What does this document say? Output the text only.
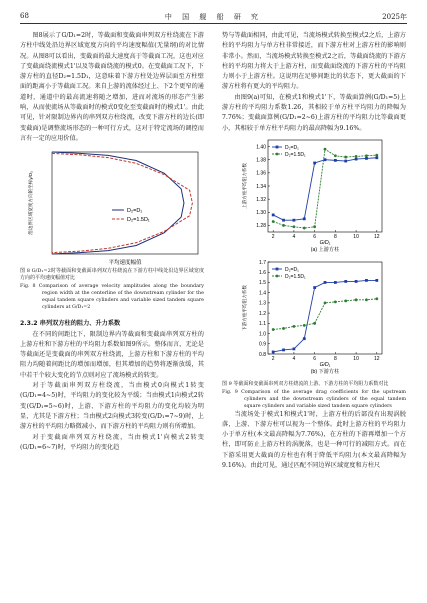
68	中 国 舰 船 研 究	2025年

图8展示了G/D₁=2时，等截面和变截面串列双方柱绕流在下游方柱中线处沿边界区域宽度方向的平均速度幅值(无量纲)的对比情况。从图8可以看出，变截面的最大速度高于等截面工况，这也对应了变截面绕流模式1'以及等截面绕流的模式0。在变截面工况下，下游方柱的直径D₂=1.5D₁，这意味着下游方柱处边界层面至方柱壁面的距离小于等截面工况。来自上游的流体经过上、下2个更窄的通道时，通道中的最高流速将随之增加，进而对流场的形态产生影响，从而使流场从等截面时的模式0变化至变截面时的模式1'。由此可见，针对限制边界内的串列双方柱绕流，改变下游方柱的边长(即变截面)是调整流场形态的一种可行方式，这对于特定流场的调控而言有一定的应用价值。

D₂=D₁
D₂=1.5D₁
平均速度幅值
沿边界区域宽度方向的坐标y/D₁

图 8 G/D₁=2时等截面和变截面串列双方柱绕流在下游方柱中线处沿边界区域宽度方向的平均速度幅值对比

Fig. 8 Comparison of average velocity amplitudes along the boundary region width at the centerline of the downstream cylinder for the equal tandem square cylinders and variable sized tandem square cylinders at G/D₁=2

2.3.2 串列双方柱的阻力、升力系数

在不同的间距比下，限制边界内等截面和变截面串列双方柱的上游方柱和下游方柱的平均阻力系数如图9所示。整体而言，无论是等截面还是变截面的串列双方柱绕流，上游方柱和下游方柱的平均阻力均随着间距比的增加而增加，但其增加的趋势将逐渐放缓，其中若干个较大变化的节点则对应了流场模式的转变。

对于等截面串列双方柱绕流，当由模式0向模式1转变(G/D₁=4~5)时，平均阻力的变化较为平缓；当由模式1向模式2转变(G/D₁=5~6)时，上游、下游方柱的平均阻力的变化均较为明显，尤其是下游方柱；当由模式2向模式3转变(G/D₁=7~9)时，上游方柱的平均阻力略微减小，而下游方柱的平均阻力则有所增加。

对于变截面串列双方柱绕流，当由模式1'向模式2转变(G/D₁=6~7)时，平均阻力的变化趋

势与等截面相同，由此可见，当流场模式转换至模式2之后，上游方柱的平均阻力与单方柱非常接近，而下游方柱对上游方柱的影响则非常小。然而，当流场模式转换至模式2之后，等截面绕流的下游方柱的平均阻力将大于上游方柱，而变截面绕流的下游方柱的平均阻力则小于上游方柱。这说明在足够间距比的状态下，更大截面的下游方柱将有更大的平均阻力。

由图9(a)可知，在模式1和模式1'下，等截面算例(G/D₁=5)上游方柱的平均阻力系数1.26，其相较于单方柱平均阻力的降幅为7.76%；变截面算例(G/D₁=2~6)上游方柱的平均阻力比等截面更小，其相较于单方柱平均阻力的最高降幅为9.16%。

1.28
1.30
1.32
1.34
1.36
1.38
1.40
2	4	6	8	10	12
D₂=D₁
D₂=1.5D₁
G/D₁
(a) 上游方柱
上游方柱平均阻力系数
0.8
0.9
1.0
1.1
1.2
1.3
1.4
1.5
1.6
1.7
2	4	6	8	10	12
D₂=D₁
D₂=1.5D₁
G/D₁
(b) 下游方柱
下游方柱平均阻力系数

图 9 等截面和变截面串列双方柱绕流的上游、下游方柱的平均阻力系数对比

Fig. 9 Comparison of the average drag coefficients for the upstream cylinders and the downstream cylinders of the equal tandem square cylinders and variable sized tandem square cylinders

当流场处于模式1和模式1'时，上游方柱的后部没有出现涡脱落，上游、下游方柱可以视为一个整体。此时上游方柱的平均阻力小于单方柱(本文最高降幅为7.76%)，在方柱的下游再增加一个方柱，即可防止上游方柱的涡脱落，也是一种可行的减阻方式。而在下游采用更大截面的方柱也有利于降低平均阻力(本文最高降幅为9.16%)。由此可见，通过匹配不同边界区域宽度和方柱尺
